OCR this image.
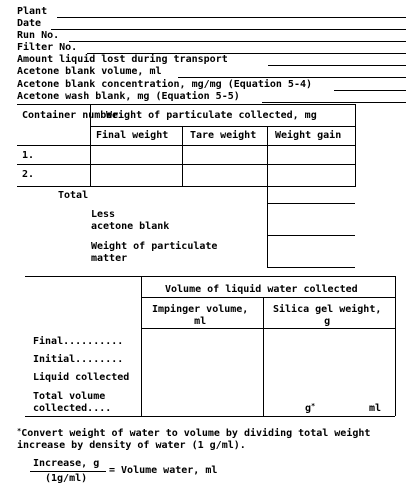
Plant
Date
Run No.
Filter No.
Amount liquid lost during transport
Acetone blank volume, ml
Acetone blank concentration, mg/mg (Equation 5-4)
Acetone wash blank, mg (Equation 5-5)
Container number
Weight of particulate collected, mg
Final weight Tare weight Weight gain
1.
2.
Total
Less
acetone blank
Weight of particulate
matter
Volume of liquid water collected
Impinger volume,
ml
Silica gel weight,
g
Final..........
Initial........
Liquid collected
Total volume
collected....	g*	ml
*Convert weight of water to volume by dividing total weight increase by density of water (1 g/ml).
Increase, g
(1g/ml)
= Volume water, ml
